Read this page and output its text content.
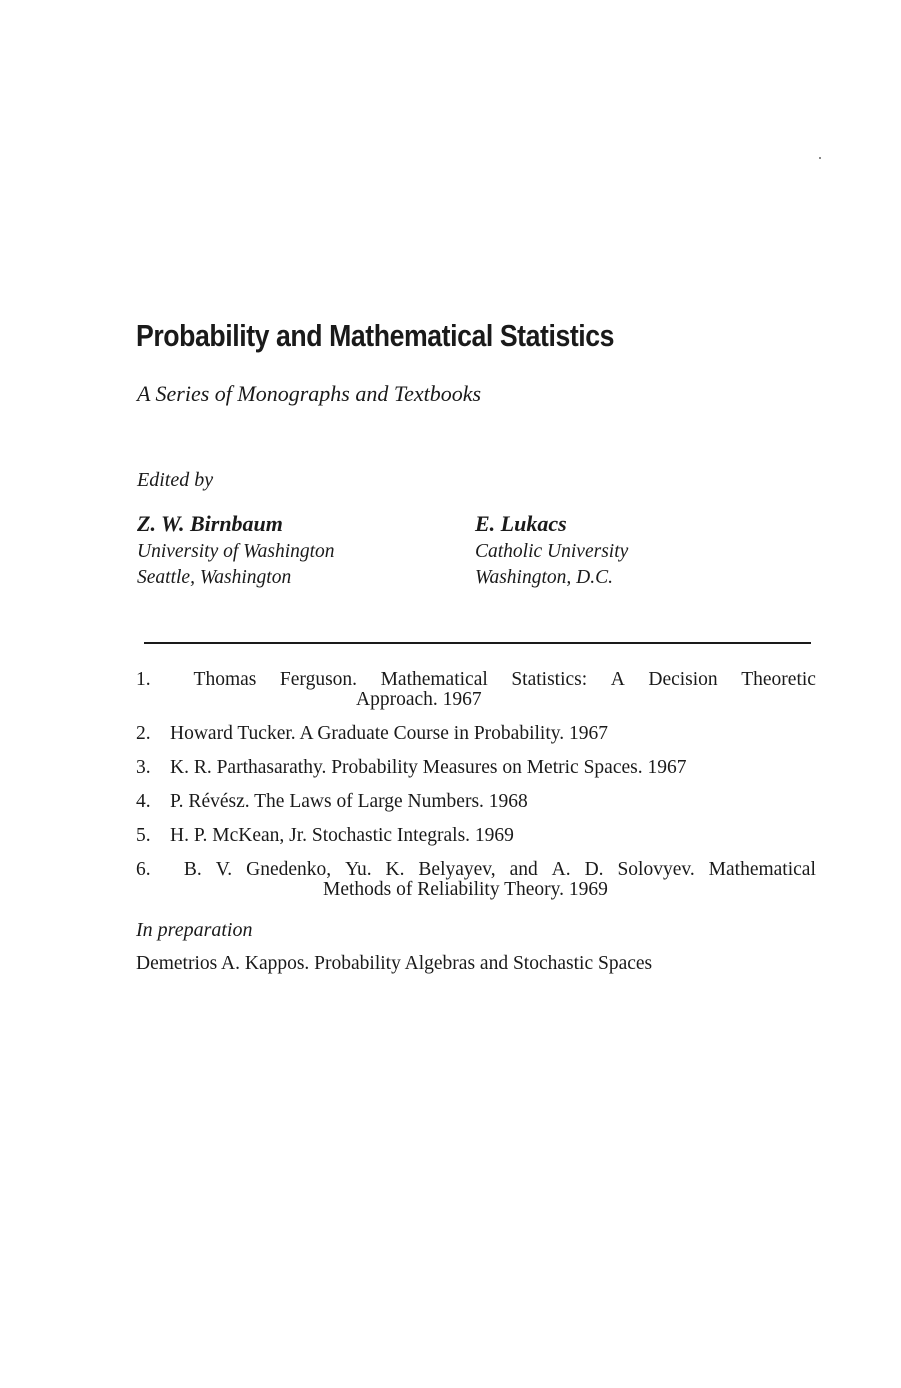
Probability and Mathematical Statistics
A Series of Monographs and Textbooks
Edited by
Z. W. Birnbaum
University of Washington
Seattle, Washington
E. Lukacs
Catholic University
Washington, D.C.
1.	Thomas Ferguson. Mathematical Statistics: A Decision Theoretic
Approach. 1967
2. Howard Tucker. A Graduate Course in Probability. 1967
3. K. R. Parthasarathy. Probability Measures on Metric Spaces. 1967
4. P. Révész. The Laws of Large Numbers. 1968
5. H. P. McKean, Jr. Stochastic Integrals. 1969
6.	B. V. Gnedenko, Yu. K. Belyayev, and A. D. Solovyev. Mathematical
Methods of Reliability Theory. 1969
In preparation
Demetrios A. Kappos. Probability Algebras and Stochastic Spaces
